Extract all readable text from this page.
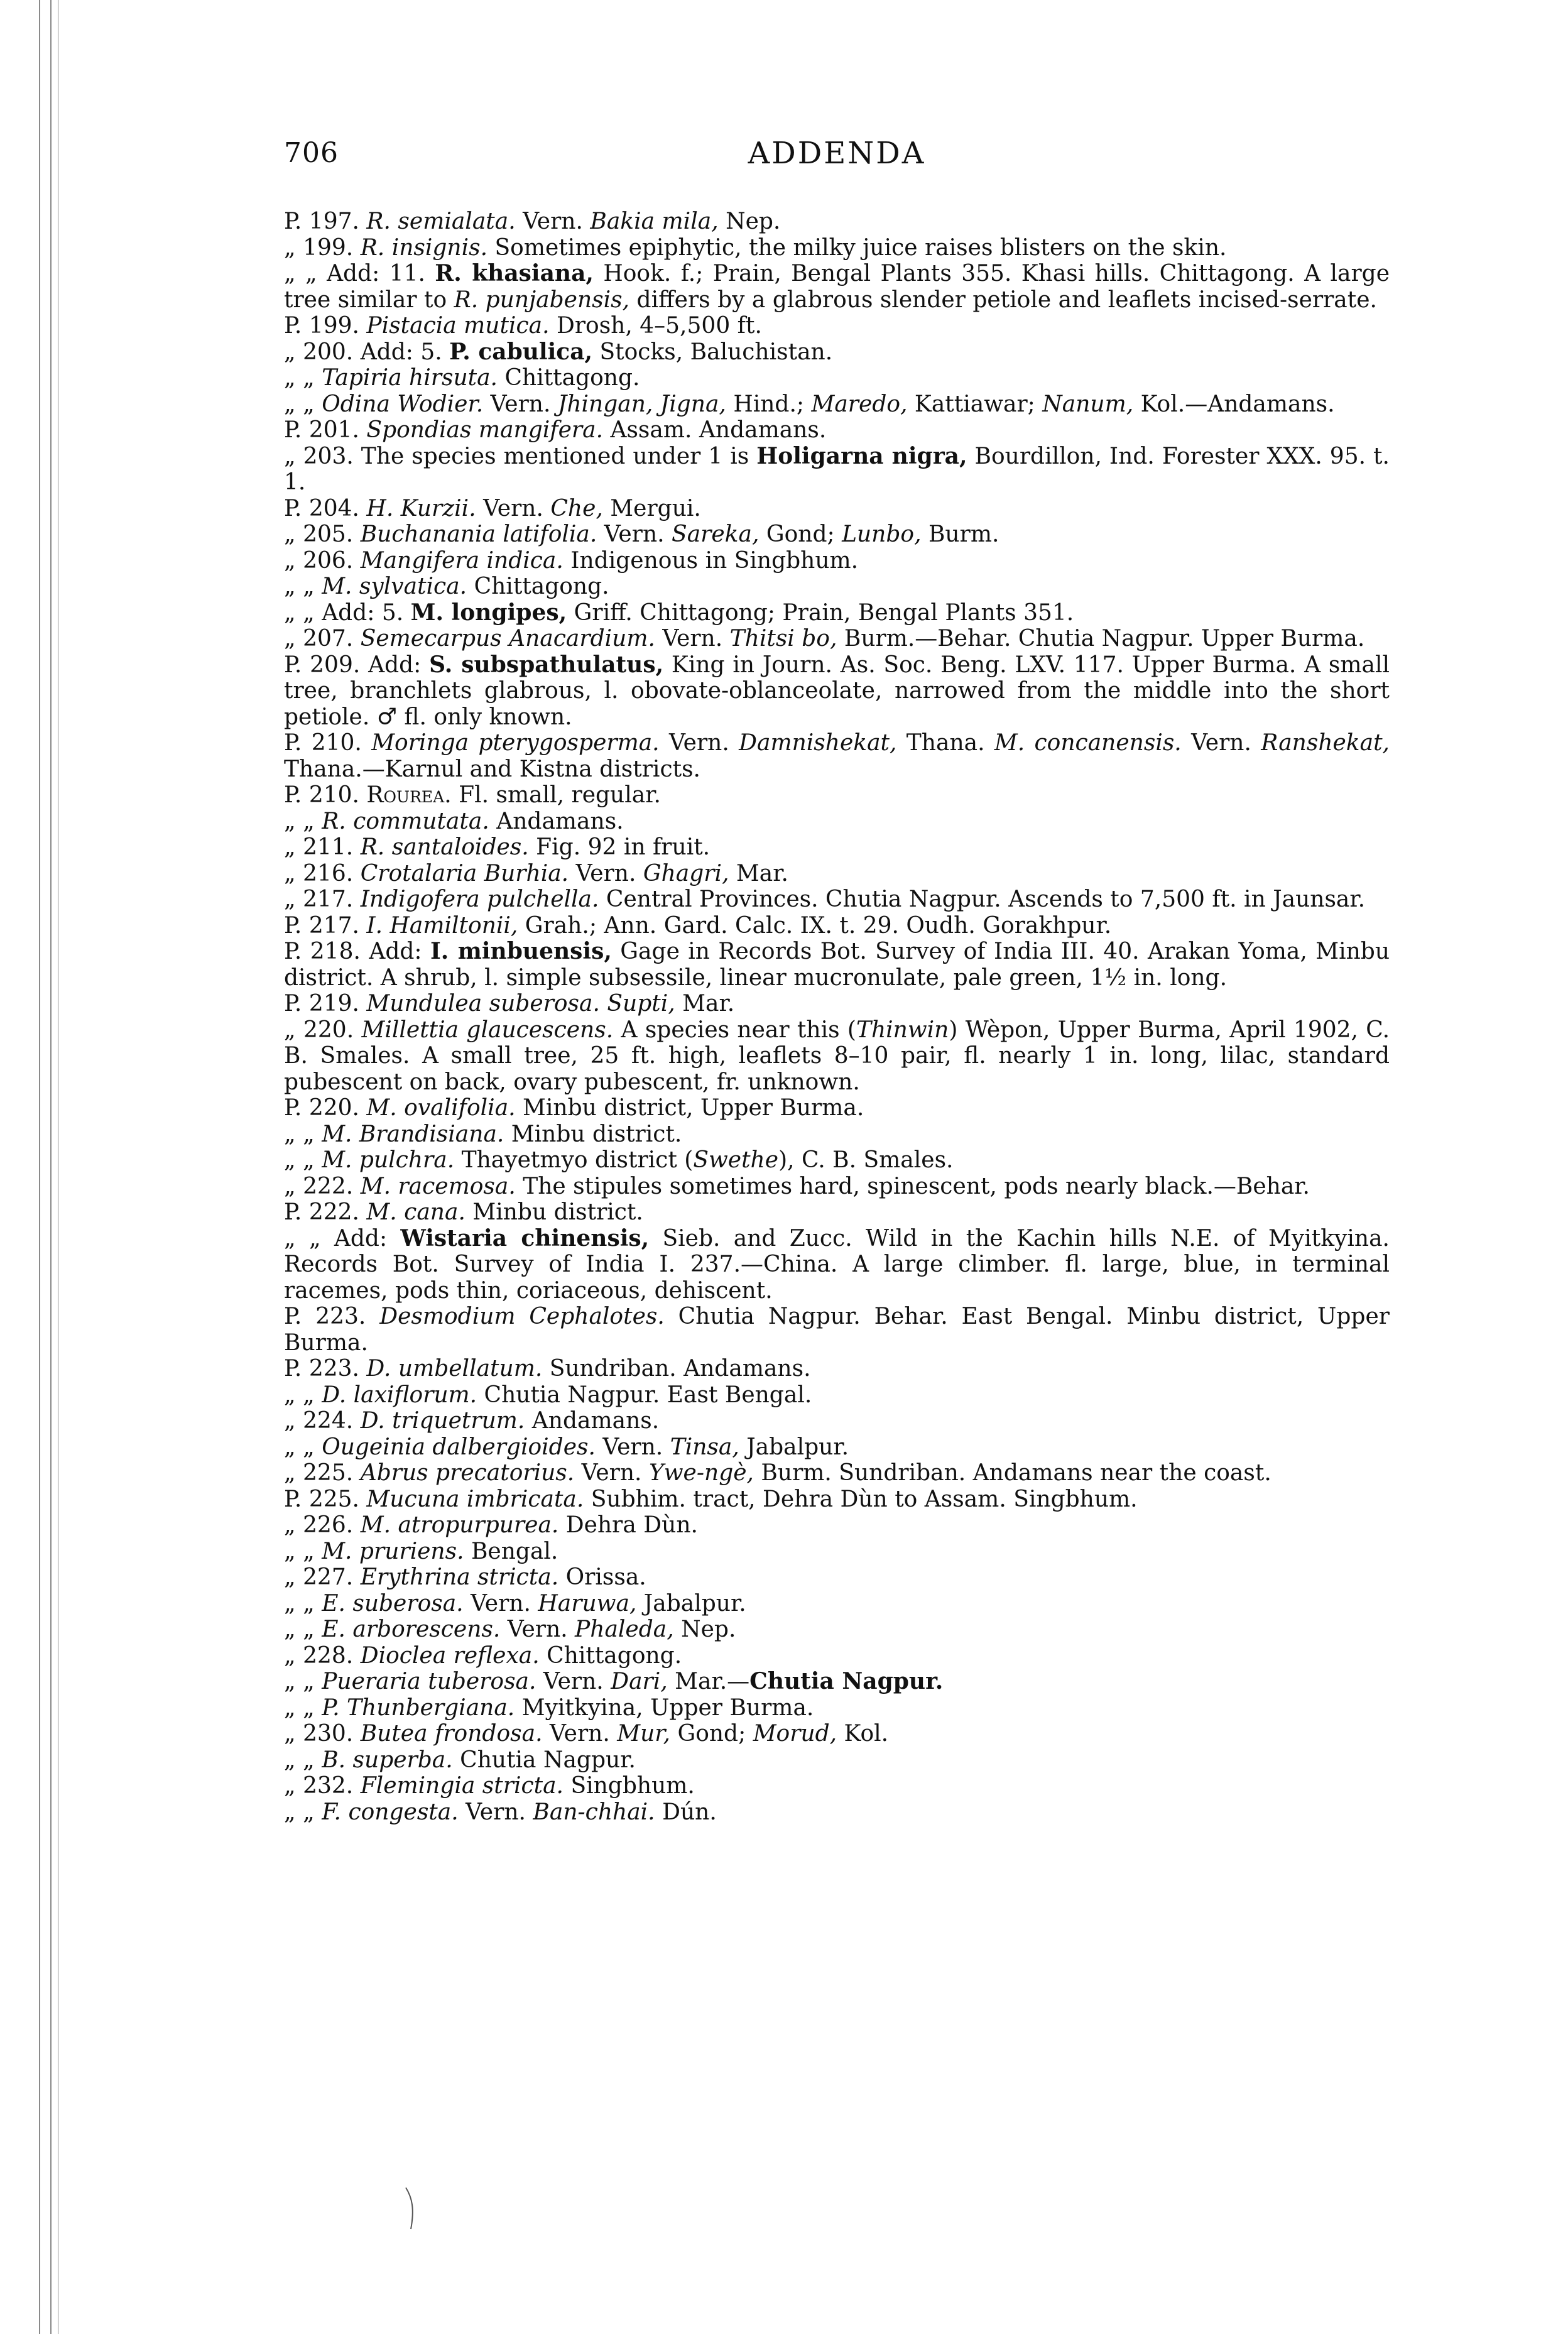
706	ADDENDA
P. 197. R. semialata. Vern. Bakia mila, Nep.
„ 199. R. insignis. Sometimes epiphytic, the milky juice raises blisters on the skin.
„ „ Add: 11. R. khasiana, Hook. f.; Prain, Bengal Plants 355. Khasi hills. Chittagong. A large tree similar to R. punjabensis, differs by a glabrous slender petiole and leaflets incised-serrate.
P. 199. Pistacia mutica. Drosh, 4–5,500 ft.
„ 200. Add: 5. P. cabulica, Stocks, Baluchistan.
„ „ Tapiria hirsuta. Chittagong.
„ „ Odina Wodier. Vern. Jhingan, Jigna, Hind.; Maredo, Kattiawar; Nanum, Kol.—Andamans.
P. 201. Spondias mangifera. Assam. Andamans.
„ 203. The species mentioned under 1 is Holigarna nigra, Bourdillon, Ind. Forester XXX. 95. t. 1.
P. 204. H. Kurzii. Vern. Che, Mergui.
„ 205. Buchanania latifolia. Vern. Sareka, Gond; Lunbo, Burm.
„ 206. Mangifera indica. Indigenous in Singbhum.
„ „ M. sylvatica. Chittagong.
„ „ Add: 5. M. longipes, Griff. Chittagong; Prain, Bengal Plants 351.
„ 207. Semecarpus Anacardium. Vern. Thitsi bo, Burm.—Behar. Chutia Nagpur. Upper Burma.
P. 209. Add: S. subspathulatus, King in Journ. As. Soc. Beng. LXV. 117. Upper Burma. A small tree, branchlets glabrous, l. obovate-oblanceolate, narrowed from the middle into the short petiole. ♂ fl. only known.
P. 210. Moringa pterygosperma. Vern. Damnishekat, Thana. M. concanensis. Vern. Ranshekat, Thana.—Karnul and Kistna districts.
P. 210. Rourea. Fl. small, regular.
„ „ R. commutata. Andamans.
„ 211. R. santaloides. Fig. 92 in fruit.
„ 216. Crotalaria Burhia. Vern. Ghagri, Mar.
„ 217. Indigofera pulchella. Central Provinces. Chutia Nagpur. Ascends to 7,500 ft. in Jaunsar.
P. 217. I. Hamiltonii, Grah.; Ann. Gard. Calc. IX. t. 29. Oudh. Gorakhpur.
P. 218. Add: I. minbuensis, Gage in Records Bot. Survey of India III. 40. Arakan Yoma, Minbu district. A shrub, l. simple subsessile, linear mucronulate, pale green, 1½ in. long.
P. 219. Mundulea suberosa. Supti, Mar.
„ 220. Millettia glaucescens. A species near this (Thinwin) Wèpon, Upper Burma, April 1902, C. B. Smales. A small tree, 25 ft. high, leaflets 8–10 pair, fl. nearly 1 in. long, lilac, standard pubescent on back, ovary pubescent, fr. unknown.
P. 220. M. ovalifolia. Minbu district, Upper Burma.
„ „ M. Brandisiana. Minbu district.
„ „ M. pulchra. Thayetmyo district (Swethe), C. B. Smales.
„ 222. M. racemosa. The stipules sometimes hard, spinescent, pods nearly black.—Behar.
P. 222. M. cana. Minbu district.
„ „ Add: Wistaria chinensis, Sieb. and Zucc. Wild in the Kachin hills N.E. of Myitkyina. Records Bot. Survey of India I. 237.—China. A large climber. fl. large, blue, in terminal racemes, pods thin, coriaceous, dehiscent.
P. 223. Desmodium Cephalotes. Chutia Nagpur. Behar. East Bengal. Minbu district, Upper Burma.
P. 223. D. umbellatum. Sundriban. Andamans.
„ „ D. laxiflorum. Chutia Nagpur. East Bengal.
„ 224. D. triquetrum. Andamans.
„ „ Ougeinia dalbergioides. Vern. Tinsa, Jabalpur.
„ 225. Abrus precatorius. Vern. Ywe-ngè, Burm. Sundriban. Andamans near the coast.
P. 225. Mucuna imbricata. Subhim. tract, Dehra Dùn to Assam. Singbhum.
„ 226. M. atropurpurea. Dehra Dùn.
„ „ M. pruriens. Bengal.
„ 227. Erythrina stricta. Orissa.
„ „ E. suberosa. Vern. Haruwa, Jabalpur.
„ „ E. arborescens. Vern. Phaleda, Nep.
„ 228. Dioclea reflexa. Chittagong.
„ „ Pueraria tuberosa. Vern. Dari, Mar.—Chutia Nagpur.
„ „ P. Thunbergiana. Myitkyina, Upper Burma.
„ 230. Butea frondosa. Vern. Mur, Gond; Morud, Kol.
„ „ B. superba. Chutia Nagpur.
„ 232. Flemingia stricta. Singbhum.
„ „ F. congesta. Vern. Ban-chhai. Dún.
